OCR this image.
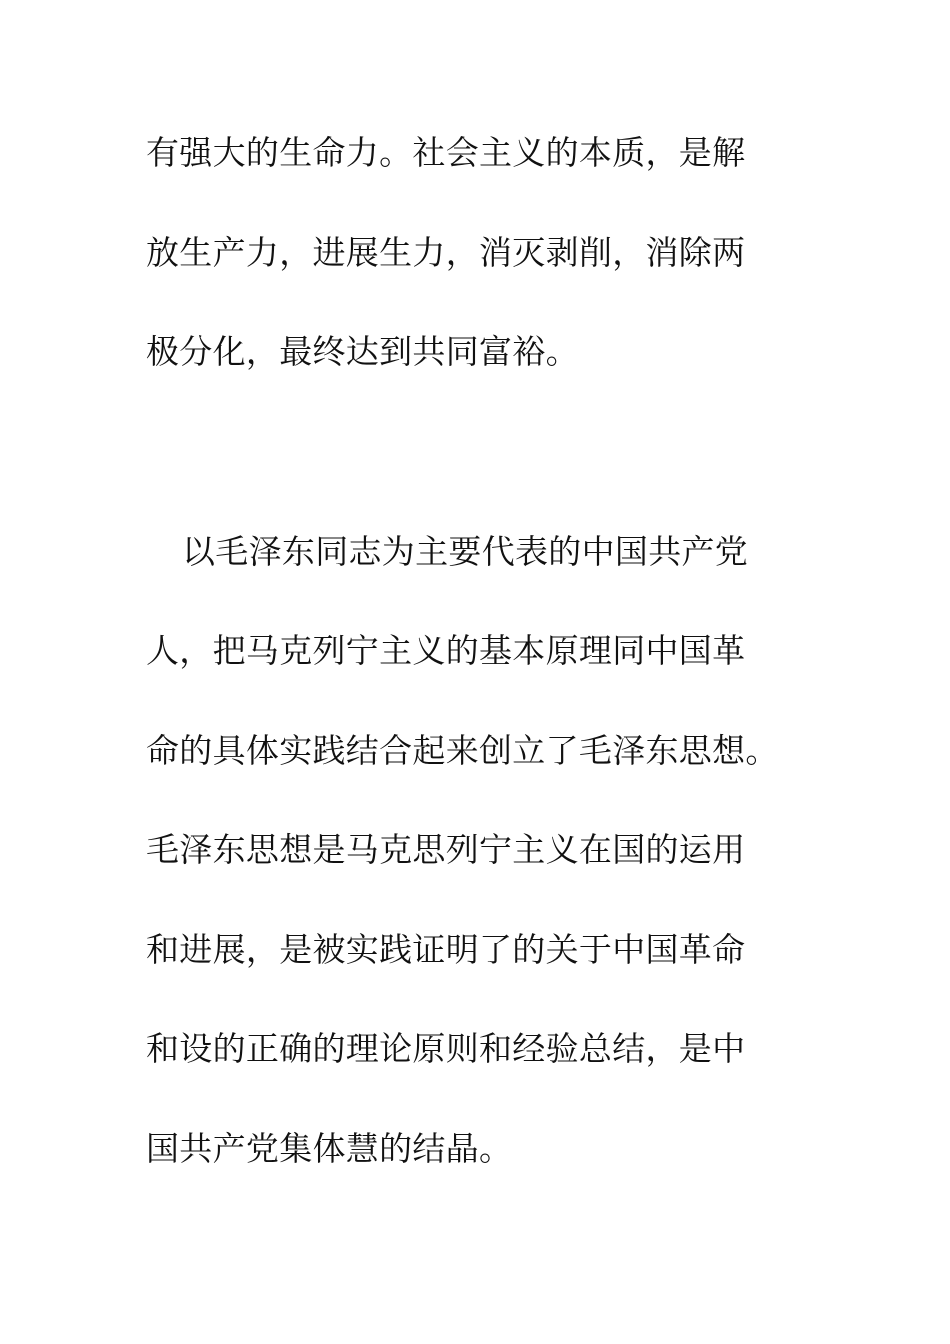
有强大的生命力。社会主义的本质，是解

放生产力，进展生力，消灭剥削，消除两

极分化，最终达到共同富裕。

以毛泽东同志为主要代表的中国共产党

人，把马克列宁主义的基本原理同中国革

命的具体实践结合起来创立了毛泽东思想。

毛泽东思想是马克思列宁主义在国的运用

和进展，是被实践证明了的关于中国革命

和设的正确的理论原则和经验总结，是中

国共产党集体慧的结晶。
